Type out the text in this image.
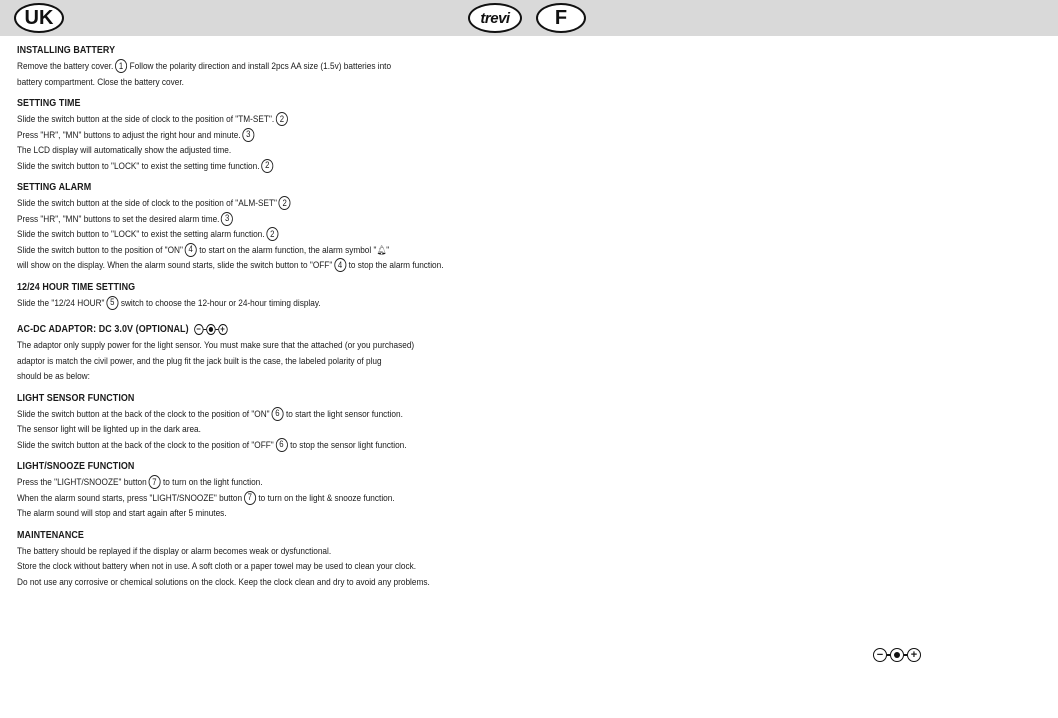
UK	trevi	F
INSTALLING BATTERY
Remove the battery cover. 1 Follow the polarity direction and install 2pcs AA size (1.5v) batteries into
battery compartment. Close the battery cover.
SETTING TIME
Slide the switch button at the side of clock to the position of "TM-SET". 2
Press "HR", "MN" buttons to adjust the right hour and minute. 3
The LCD display will automatically show the adjusted time.
Slide the switch button to "LOCK" to exist the setting time function. 2
SETTING ALARM
Slide the switch button at the side of clock to the position of "ALM-SET" 2
Press "HR", "MN" buttons to set the desired alarm time. 3
Slide the switch button to "LOCK" to exist the setting alarm function. 2
Slide the switch button to the position of "ON" 4 to start on the alarm function, the alarm symbol "🔔︎"
will show on the display. When the alarm sound starts, slide the switch button to "OFF" 4 to stop the alarm function.
12/24 HOUR TIME SETTING
Slide the "12/24 HOUR" 5 switch to choose the 12-hour or 24-hour timing display.
AC-DC ADAPTOR: DC 3.0V (OPTIONAL) − +
The adaptor only supply power for the light sensor. You must make sure that the attached (or you purchased)
adaptor is match the civil power, and the plug fit the jack built is the case, the labeled polarity of plug
should be as below:
LIGHT SENSOR FUNCTION
Slide the switch button at the back of the clock to the position of "ON" 6 to start the light sensor function.
The sensor light will be lighted up in the dark area.
Slide the switch button at the back of the clock to the position of "OFF" 6 to stop the sensor light function.
LIGHT/SNOOZE FUNCTION
Press the "LIGHT/SNOOZE" button 7 to turn on the light function.
When the alarm sound starts, press "LIGHT/SNOOZE" button 7 to turn on the light & snooze function.
The alarm sound will stop and start again after 5 minutes.
MAINTENANCE
The battery should be replayed if the display or alarm becomes weak or dysfunctional.
Store the clock without battery when not in use. A soft cloth or a paper towel may be used to clean your clock.
Do not use any corrosive or chemical solutions on the clock. Keep the clock clean and dry to avoid any problems.
−	+
